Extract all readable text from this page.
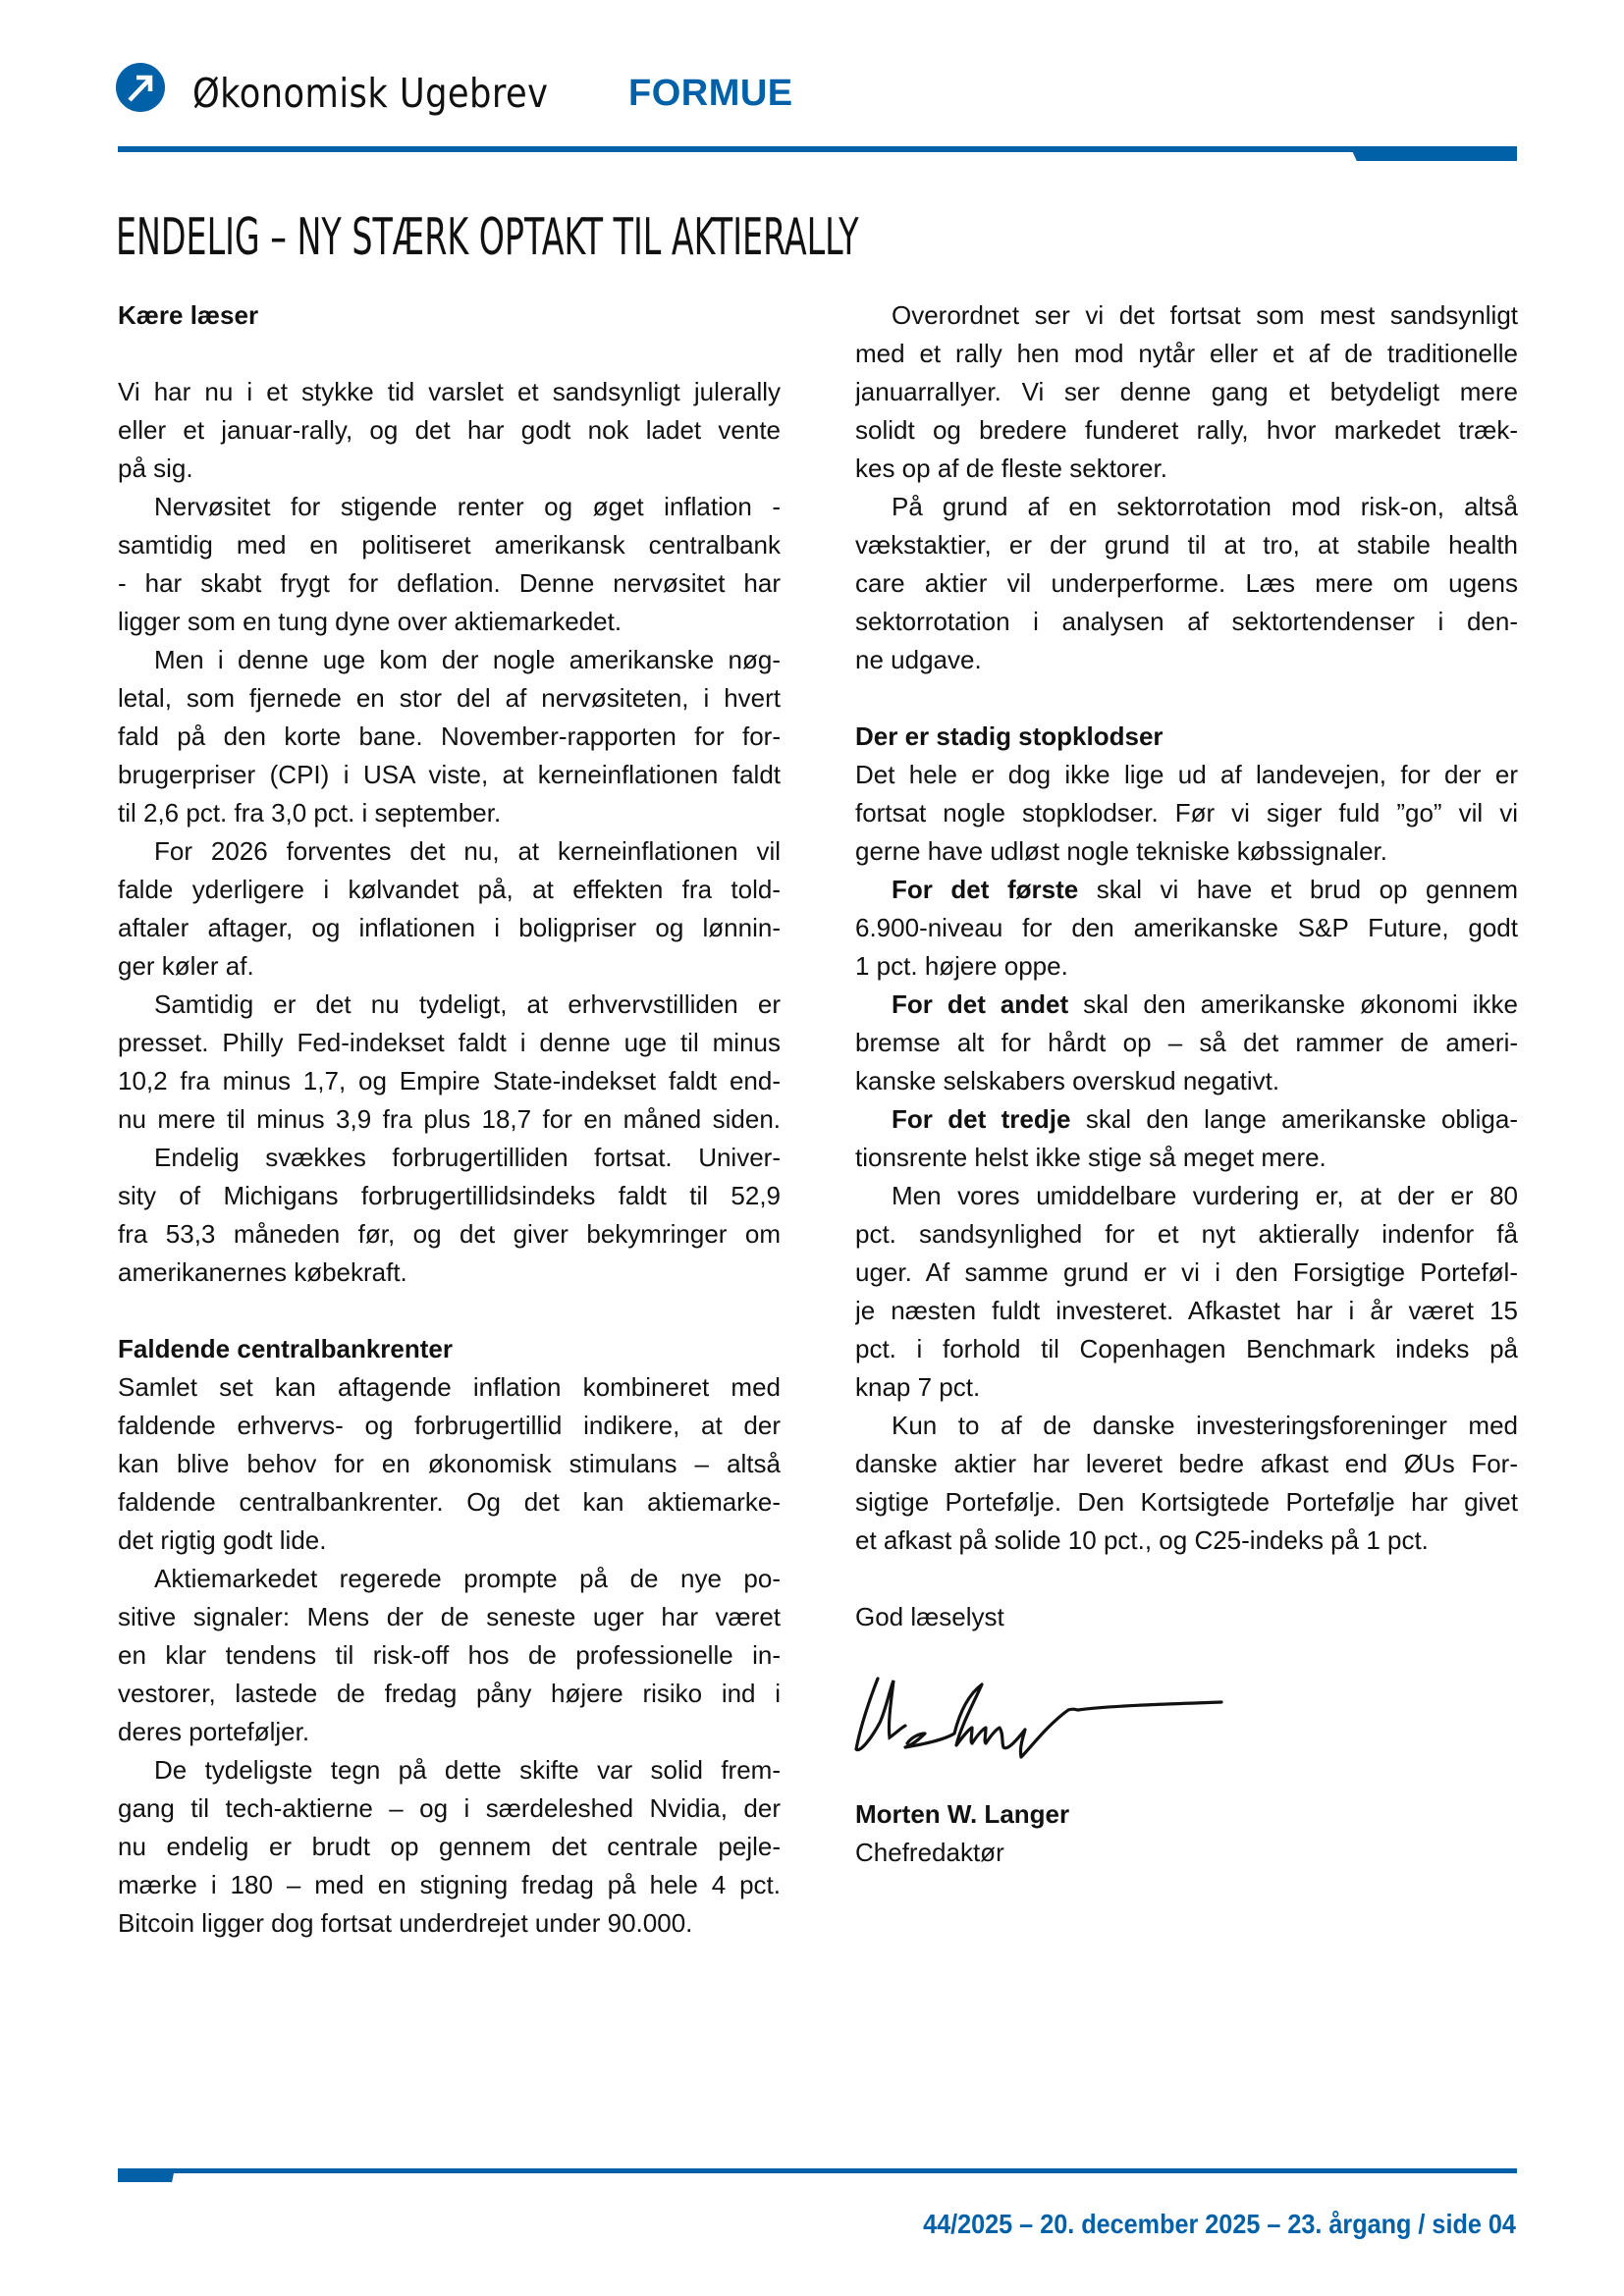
Økonomisk Ugebrev FORMUE
ENDELIG – NY STÆRK OPTAKT TIL AKTIERALLY
Kære læser
Vi har nu i et stykke tid varslet et sandsynligt julerally
eller et januar-rally, og det har godt nok ladet vente
på sig.
Nervøsitet for stigende renter og øget inflation -
samtidig med en politiseret amerikansk centralbank
- har skabt frygt for deflation. Denne nervøsitet har
ligger som en tung dyne over aktiemarkedet.
Men i denne uge kom der nogle amerikanske nøg-
letal, som fjernede en stor del af nervøsiteten, i hvert
fald på den korte bane. November-rapporten for for-
brugerpriser (CPI) i USA viste, at kerneinflationen faldt
til 2,6 pct. fra 3,0 pct. i september.
For 2026 forventes det nu, at kerneinflationen vil
falde yderligere i kølvandet på, at effekten fra told-
aftaler aftager, og inflationen i boligpriser og lønnin-
ger køler af.
Samtidig er det nu tydeligt, at erhvervstilliden er
presset. Philly Fed-indekset faldt i denne uge til minus
10,2 fra minus 1,7, og Empire State-indekset faldt end-
nu mere til minus 3,9 fra plus 18,7 for en måned siden.
Endelig svækkes forbrugertilliden fortsat. Univer-
sity of Michigans forbrugertillidsindeks faldt til 52,9
fra 53,3 måneden før, og det giver bekymringer om
amerikanernes købekraft.
Faldende centralbankrenter
Samlet set kan aftagende inflation kombineret med
faldende erhvervs- og forbrugertillid indikere, at der
kan blive behov for en økonomisk stimulans – altså
faldende centralbankrenter. Og det kan aktiemarke-
det rigtig godt lide.
Aktiemarkedet regerede prompte på de nye po-
sitive signaler: Mens der de seneste uger har været
en klar tendens til risk-off hos de professionelle in-
vestorer, lastede de fredag påny højere risiko ind i
deres porteføljer.
De tydeligste tegn på dette skifte var solid frem-
gang til tech-aktierne – og i særdeleshed Nvidia, der
nu endelig er brudt op gennem det centrale pejle-
mærke i 180 – med en stigning fredag på hele 4 pct.
Bitcoin ligger dog fortsat underdrejet under 90.000.
Overordnet ser vi det fortsat som mest sandsynligt
med et rally hen mod nytår eller et af de traditionelle
januarrallyer. Vi ser denne gang et betydeligt mere
solidt og bredere funderet rally, hvor markedet træk-
kes op af de fleste sektorer.
På grund af en sektorrotation mod risk-on, altså
vækstaktier, er der grund til at tro, at stabile health
care aktier vil underperforme. Læs mere om ugens
sektorrotation i analysen af sektortendenser i den-
ne udgave.
Der er stadig stopklodser
Det hele er dog ikke lige ud af landevejen, for der er
fortsat nogle stopklodser. Før vi siger fuld ”go” vil vi
gerne have udløst nogle tekniske købssignaler.
For det første skal vi have et brud op gennem
6.900-niveau for den amerikanske S&P Future, godt
1 pct. højere oppe.
For det andet skal den amerikanske økonomi ikke
bremse alt for hårdt op – så det rammer de ameri-
kanske selskabers overskud negativt.
For det tredje skal den lange amerikanske obliga-
tionsrente helst ikke stige så meget mere.
Men vores umiddelbare vurdering er, at der er 80
pct. sandsynlighed for et nyt aktierally indenfor få
uger. Af samme grund er vi i den Forsigtige Porteføl-
je næsten fuldt investeret. Afkastet har i år været 15
pct. i forhold til Copenhagen Benchmark indeks på
knap 7 pct.
Kun to af de danske investeringsforeninger med
danske aktier har leveret bedre afkast end ØUs For-
sigtige Portefølje. Den Kortsigtede Portefølje har givet
et afkast på solide 10 pct., og C25-indeks på 1 pct.
God læselyst
Morten W. Langer
Chefredaktør
44/2025 – 20. december 2025 – 23. årgang / side 04
